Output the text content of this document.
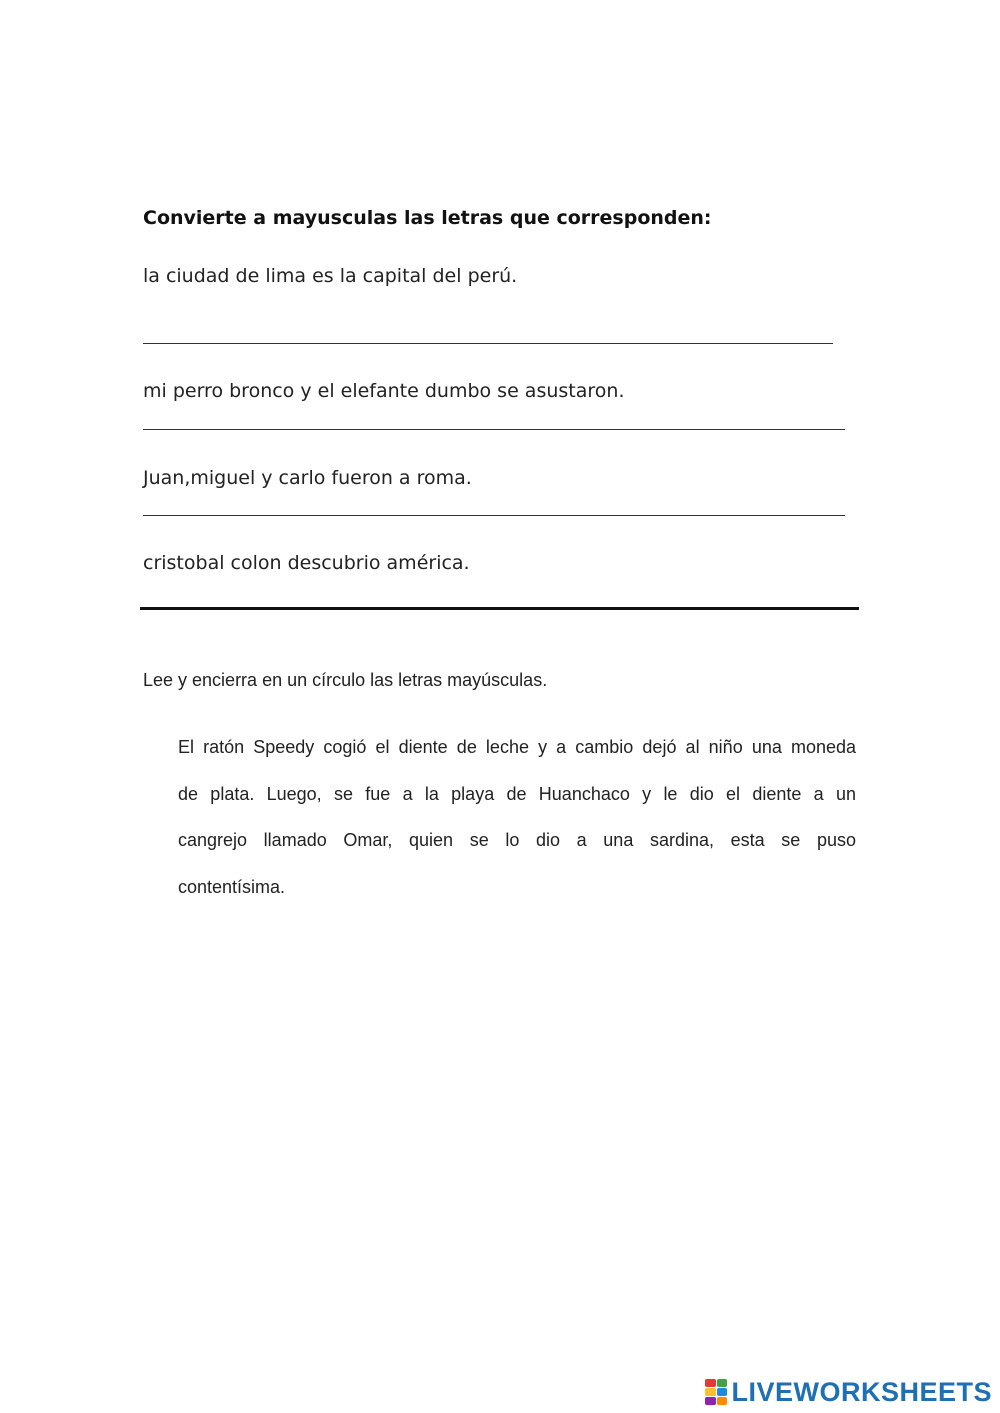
Convierte a mayusculas las letras que corresponden:
la ciudad de lima es la capital del perú.
mi perro bronco y el elefante dumbo se asustaron.
Juan,miguel y carlo fueron a roma.
cristobal colon descubrio américa.
Lee y encierra en un círculo las letras mayúsculas.
El ratón Speedy cogió el diente de leche y a cambio dejó al niño una moneda
de plata. Luego, se fue a la playa de Huanchaco y le dio el diente a un
cangrejo llamado Omar, quien se lo dio a una sardina, esta se puso
contentísima.
LIVEWORKSHEETS
